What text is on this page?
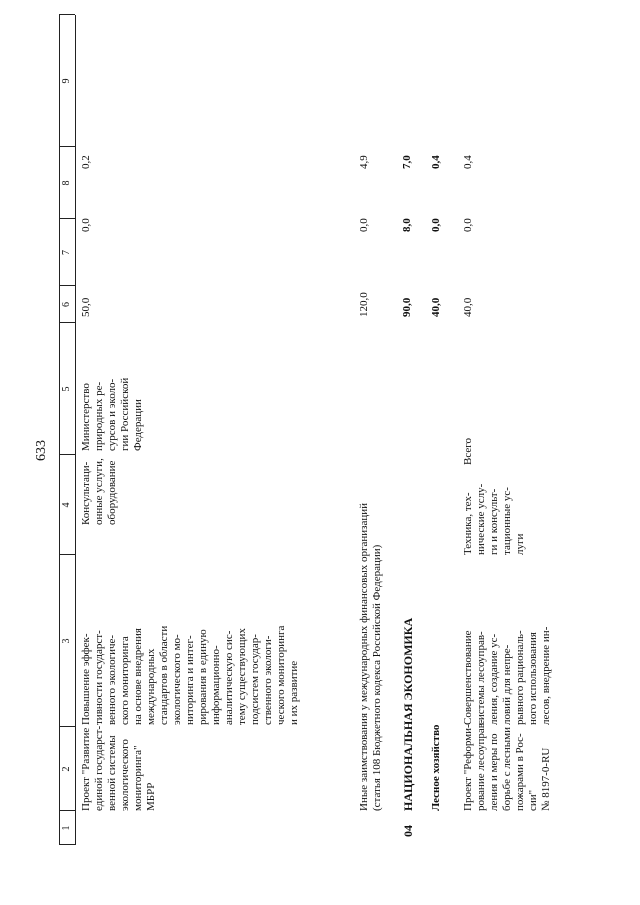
633
1
2
3
4
5
6
7
8
9
Проект "Развитие единой государст- венной системы экологического мониторинга" МБРР
Повышение эффек- тивности государст- венного экологиче- ского мониторинга на основе внедрения международных стандартов в области экологического мо- ниторинга и интег- рирования в единую информационно- аналитическую сис- тему существующих подсистем государ- ственного экологи- ческого мониторинга и их развитие
Консультаци- онные услуги, оборудование
Министерство природных ре- сурсов и эколо- гии Российской Федерации
50,0
0,0
0,2
Иные заимствования у международных финансовых организаций (статья 108 Бюджетного кодекса Российской Федерации)
120,0
0,0
4,9
04
НАЦИОНАЛЬНАЯ ЭКОНОМИКА
90,0
8,0
7,0
Лесное хозяйство
40,0
0,0
0,4
Проект "Реформи- рование лесоуправ- ления и меры по борьбе с лесными пожарами в Рос- сии" № 8197-0-RU
Совершенствование системы лесоуправ- ления, создание ус- ловий для непре- рывного рациональ- ного использования лесов, внедрение ин-
Техника, тех- нические услу- ги и консульт- тационные ус- луги
Всего
40,0
0,0
0,4
